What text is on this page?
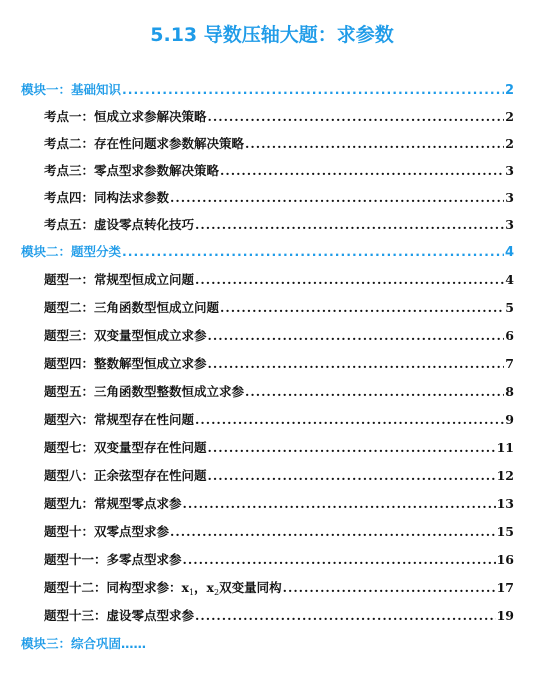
5.13 导数压轴大题：求参数
模块一：基础知识 .....	2
考点一：恒成立求参解决策略 .....	2
考点二：存在性问题求参数解决策略 .....	2
考点三：零点型求参数解决策略 .....	3
考点四：同构法求参数 .....	3
考点五：虚设零点转化技巧 .....	3
模块二：题型分类 .....	4
题型一：常规型恒成立问题 .....	4
题型二：三角函数型恒成立问题 .....	5
题型三：双变量型恒成立求参 .....	6
题型四：整数解型恒成立求参 .....	7
题型五：三角函数型整数恒成立求参 .....	8
题型六：常规型存在性问题 .....	9
题型七：双变量型存在性问题 .....	11
题型八：正余弦型存在性问题 .....	12
题型九：常规型零点求参 .....	13
题型十：双零点型求参 .....	15
题型十一：多零点型求参 .....	16
题型十二：同构型求参：$x_1$，$x_2$双变量同构 .....	17
题型十三：虚设零点型求参 .....	19
模块三：综合巩固 ……
